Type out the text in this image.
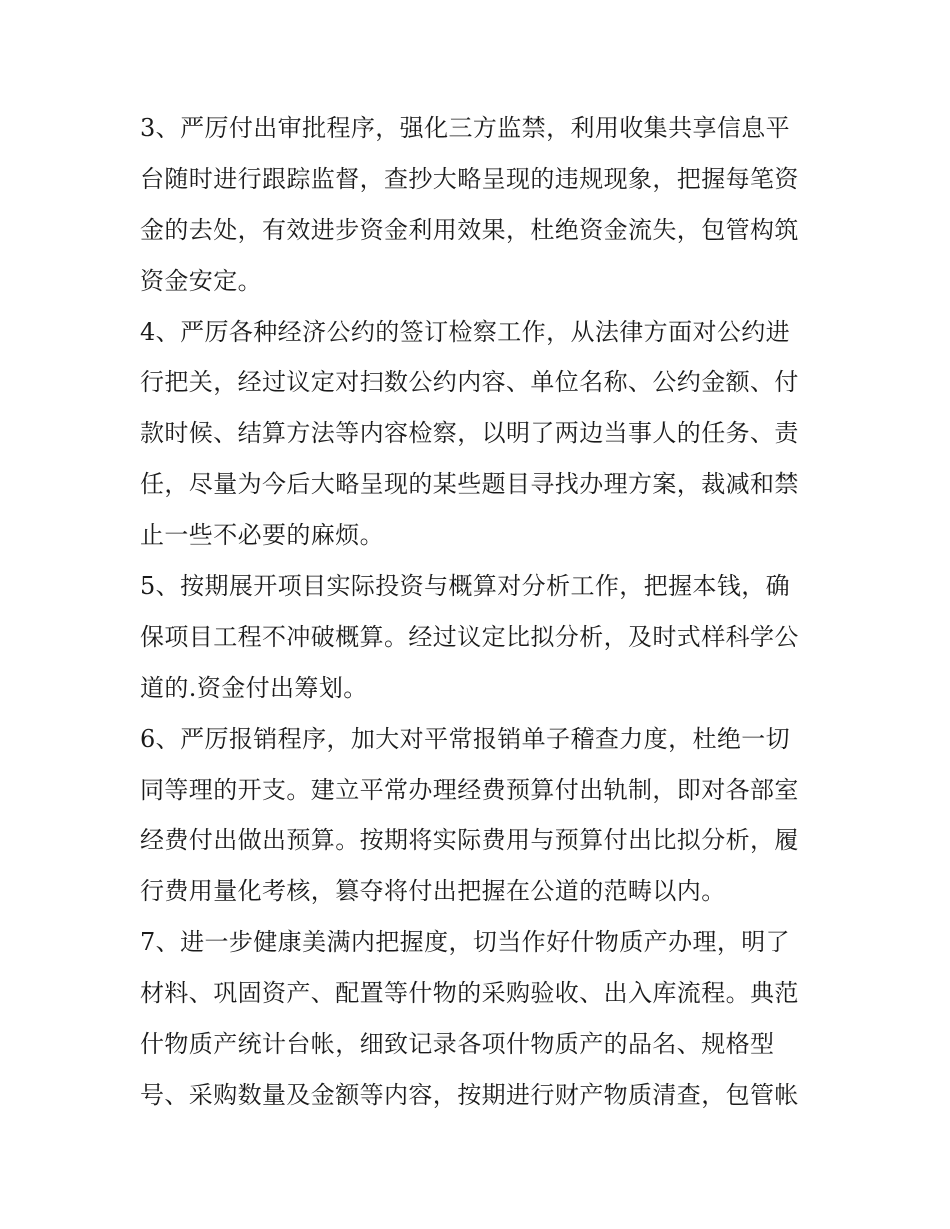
3、严厉付出审批程序，强化三方监禁，利用收集共享信息平
台随时进行跟踪监督，查抄大略呈现的违规现象，把握每笔资
金的去处，有效进步资金利用效果，杜绝资金流失，包管构筑
资金安定。
4、严厉各种经济公约的签订检察工作，从法律方面对公约进
行把关，经过议定对扫数公约内容、单位名称、公约金额、付
款时候、结算方法等内容检察，以明了两边当事人的任务、责
任，尽量为今后大略呈现的某些题目寻找办理方案，裁减和禁
止一些不必要的麻烦。
5、按期展开项目实际投资与概算对分析工作，把握本钱，确
保项目工程不冲破概算。经过议定比拟分析，及时式样科学公
道的.资金付出筹划。
6、严厉报销程序，加大对平常报销单子稽查力度，杜绝一切
同等理的开支。建立平常办理经费预算付出轨制，即对各部室
经费付出做出预算。按期将实际费用与预算付出比拟分析，履
行费用量化考核，篡夺将付出把握在公道的范畴以内。
7、进一步健康美满内把握度，切当作好什物质产办理，明了
材料、巩固资产、配置等什物的采购验收、出入库流程。典范
什物质产统计台帐，细致记录各项什物质产的品名、规格型
号、采购数量及金额等内容，按期进行财产物质清查，包管帐
